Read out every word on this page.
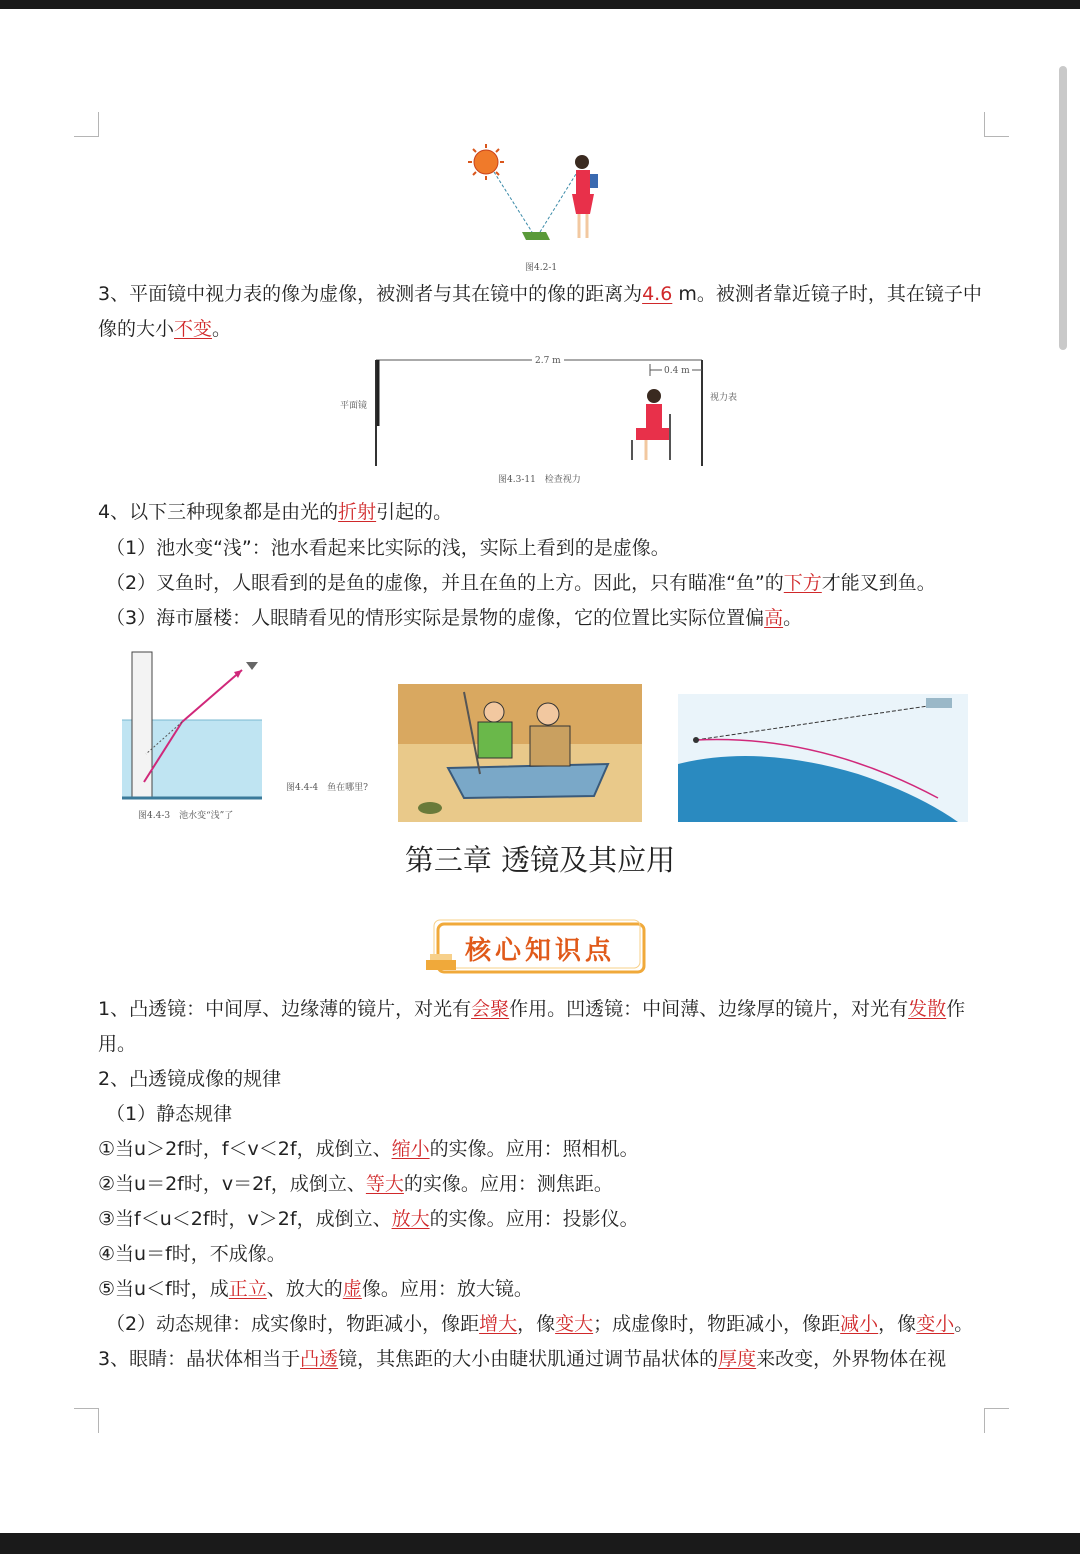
图4.2-1
3、平面镜中视力表的像为虚像，被测者与其在镜中的像的距离为4.6 m。被测者靠近镜子时，其在镜子中
像的大小不变。
2.7 m
0.4 m
平面镜
视力表
图4.3-11　检查视力
4、以下三种现象都是由光的折射引起的。
（1）池水变“浅”：池水看起来比实际的浅，实际上看到的是虚像。
（2）叉鱼时，人眼看到的是鱼的虚像，并且在鱼的上方。因此，只有瞄准“鱼”的下方才能叉到鱼。
（3）海市蜃楼：人眼睛看见的情形实际是景物的虚像，它的位置比实际位置偏高。
图4.4-3　池水变“浅”了
图4.4-4　鱼在哪里?
第三章 透镜及其应用
核心知识点
1、凸透镜：中间厚、边缘薄的镜片，对光有会聚作用。凹透镜：中间薄、边缘厚的镜片，对光有发散作
用。
2、凸透镜成像的规律
（1）静态规律
①当u＞2f时，f＜v＜2f，成倒立、缩小的实像。应用：照相机。
②当u＝2f时，v＝2f，成倒立、等大的实像。应用：测焦距。
③当f＜u＜2f时，v＞2f，成倒立、放大的实像。应用：投影仪。
④当u＝f时，不成像。
⑤当u＜f时，成正立、放大的虚像。应用：放大镜。
（2）动态规律：成实像时，物距减小，像距增大，像变大；成虚像时，物距减小，像距减小，像变小。
3、眼睛：晶状体相当于凸透镜，其焦距的大小由睫状肌通过调节晶状体的厚度来改变，外界物体在视
